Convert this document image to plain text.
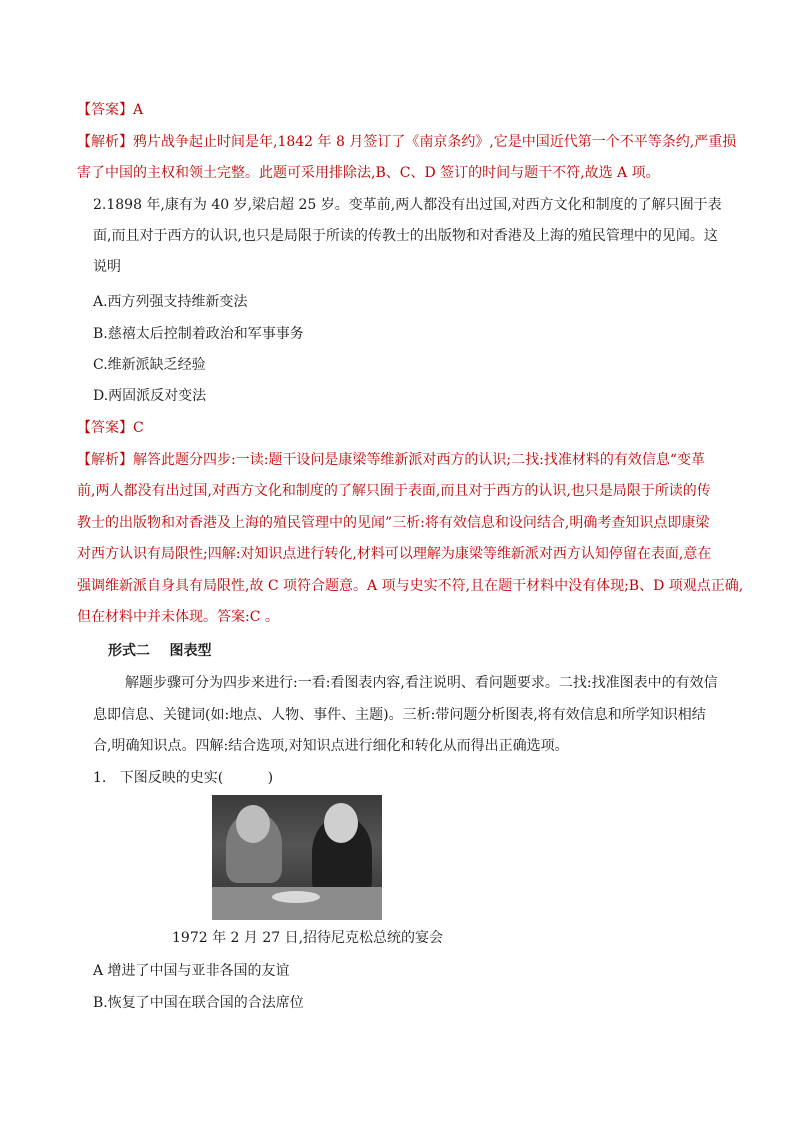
【答案】A
【解析】鸦片战争起止时间是年,1842 年 8 月签订了《南京条约》,它是中国近代第一个不平等条约,严重损
害了中国的主权和领土完整。此题可采用排除法,B、C、D 签订的时间与题干不符,故选 A 项。
2.1898 年,康有为 40 岁,梁启超 25 岁。变革前,两人都没有出过国,对西方文化和制度的了解只囿于表
面,而且对于西方的认识,也只是局限于所读的传教士的出版物和对香港及上海的殖民管理中的见闻。这
说明
A.西方列强支持维新变法
B.慈禧太后控制着政治和军事事务
C.维新派缺乏经验
D.两固派反对变法
【答案】C
【解析】解答此题分四步:一读:题干设问是康梁等维新派对西方的认识;二找:找准材料的有效信息“变革
前,两人都没有出过国,对西方文化和制度的了解只囿于表面,而且对于西方的认识,也只是局限于所读的传
教士的出版物和对香港及上海的殖民管理中的见闻”三析:将有效信息和设问结合,明确考查知识点即康梁
对西方认识有局限性;四解:对知识点进行转化,材料可以理解为康梁等维新派对西方认知停留在表面,意在
强调维新派自身具有局限性,故 C 项符合题意。A 项与史实不符,且在题干材料中没有体现;B、D 项观点正确,
但在材料中并未体现。答案:C 。
形式二    图表型
解题步骤可分为四步来进行:一看:看图表内容,看注说明、看问题要求。二找:找准图表中的有效信
息即信息、关键词(如:地点、人物、事件、主题)。三析:带问题分析图表,将有效信息和所学知识相结
合,明确知识点。四解:结合选项,对知识点进行细化和转化从而得出正确选项。
1.   下图反映的史实(          )
1972 年 2 月 27 日,招待尼克松总统的宴会
A 增进了中国与亚非各国的友谊
B.恢复了中国在联合国的合法席位
